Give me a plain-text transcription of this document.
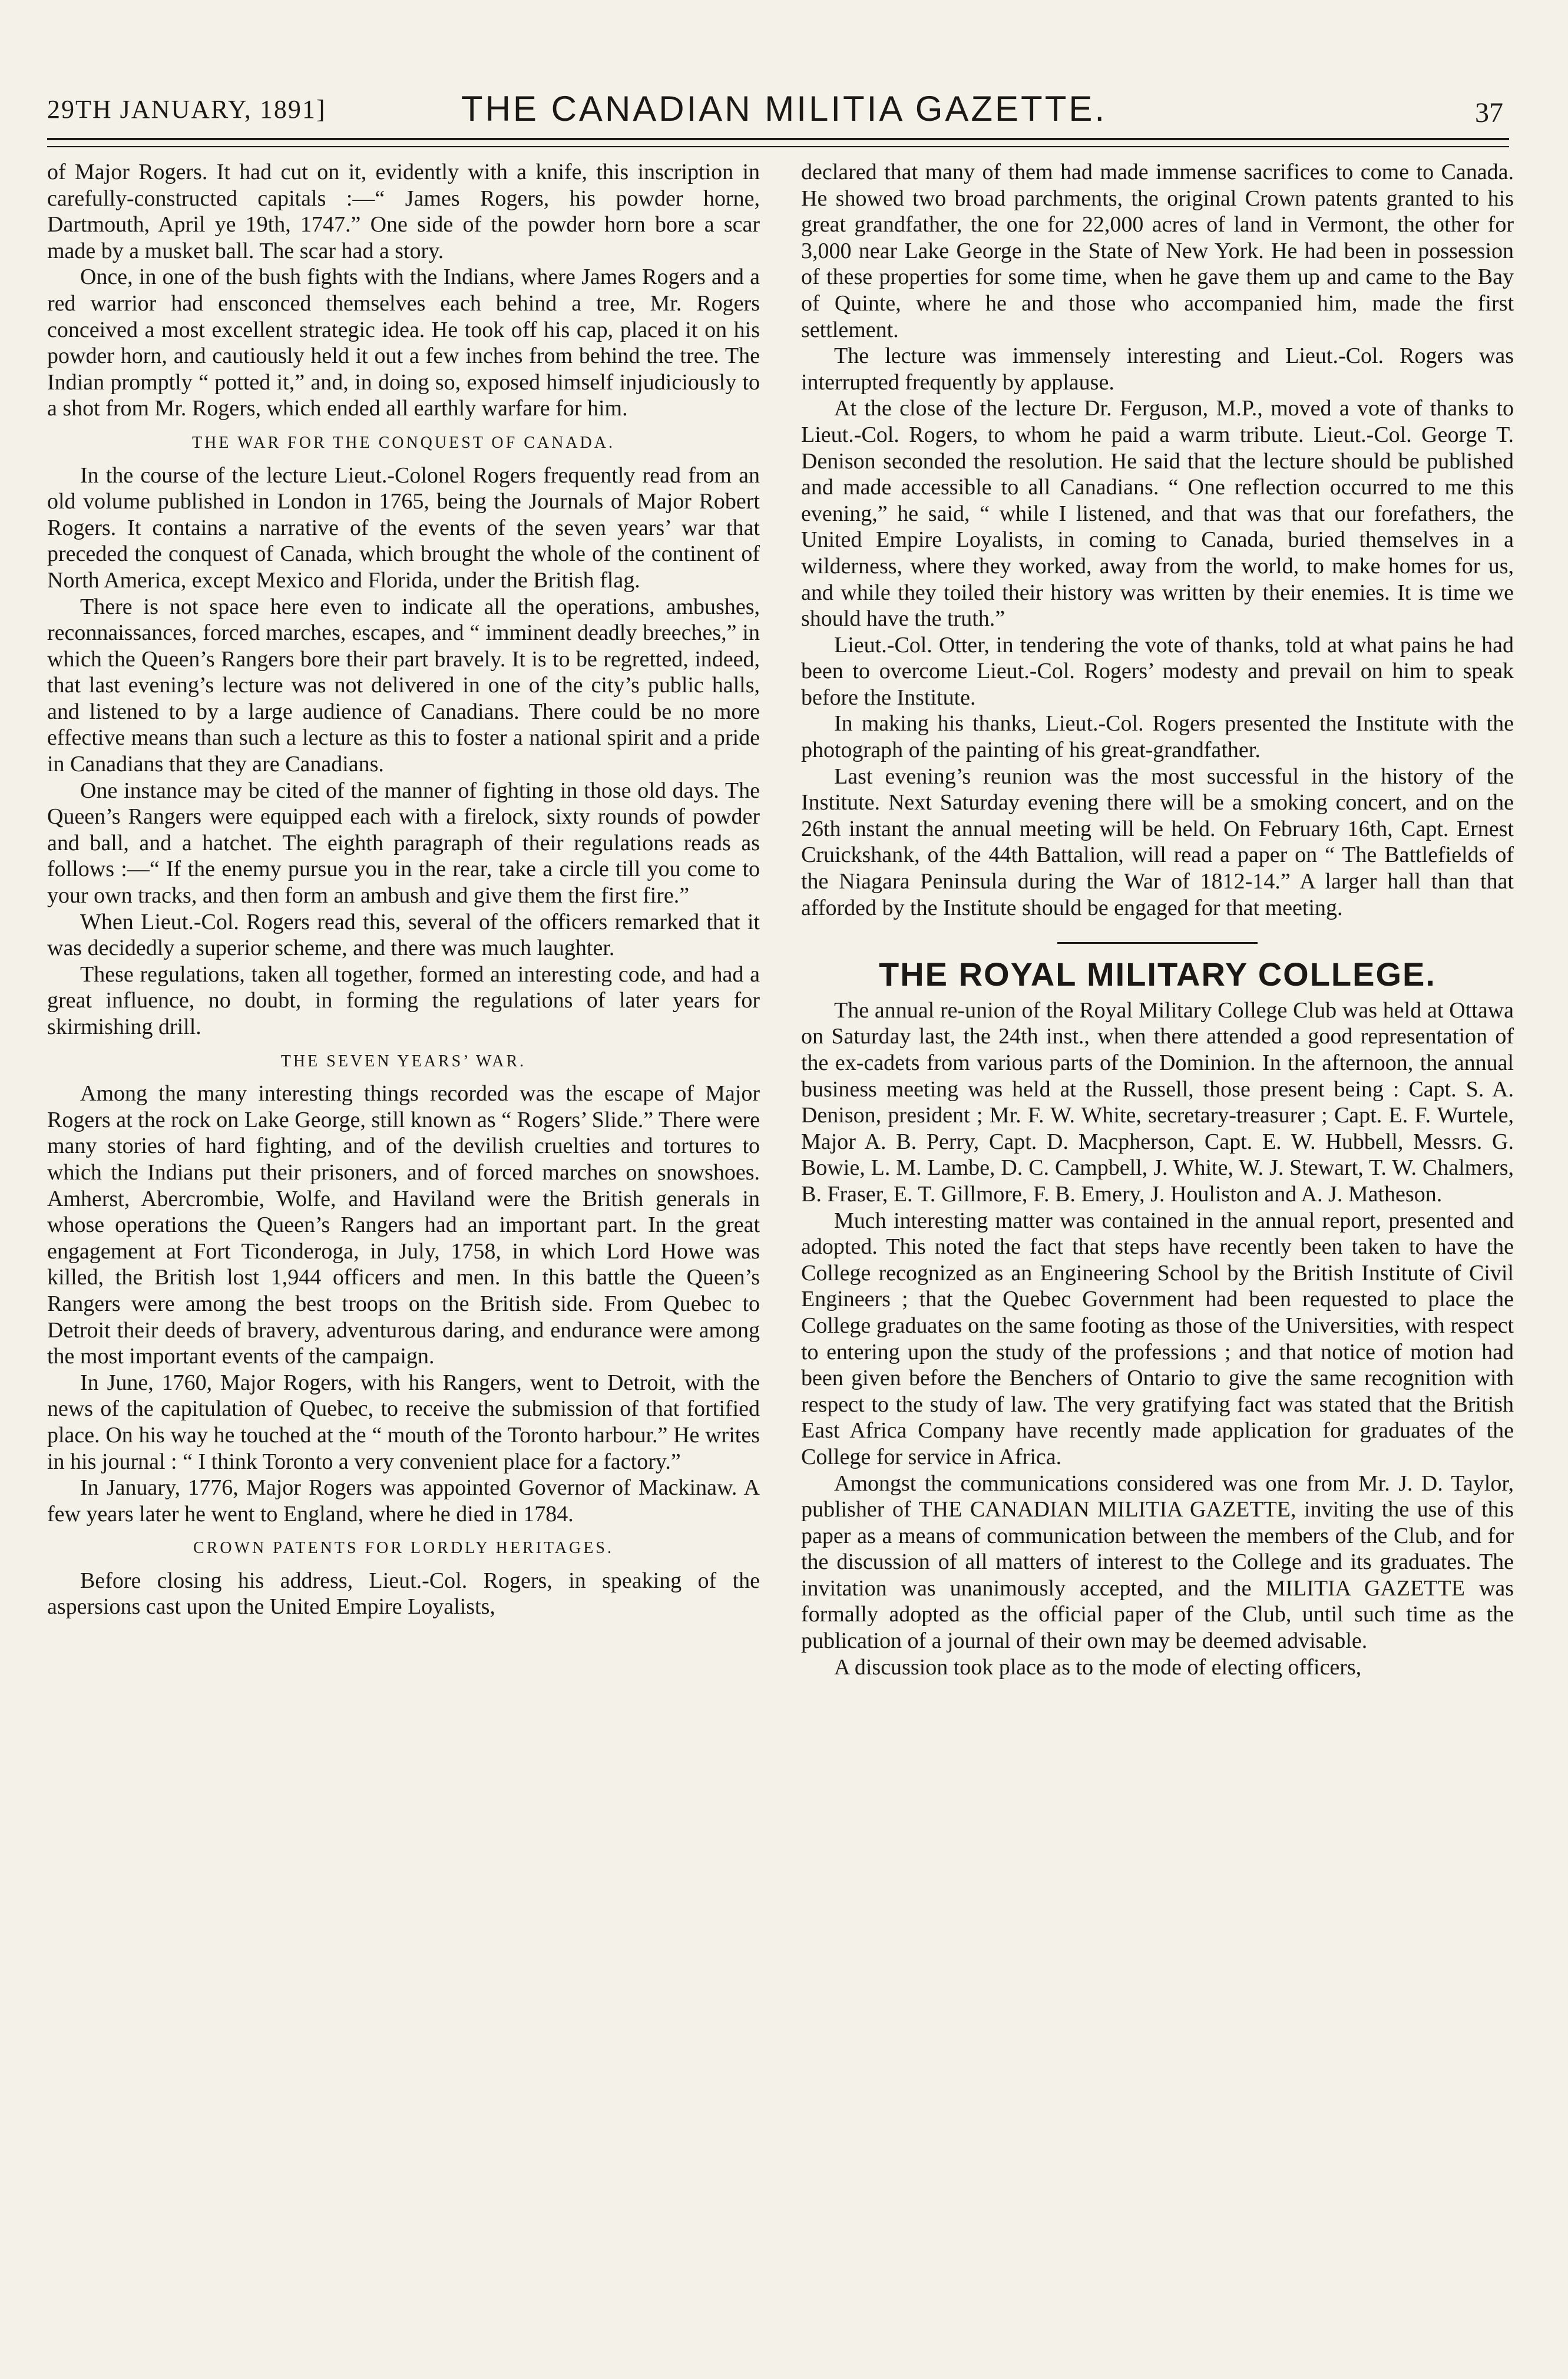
29TH JANUARY, 1891]	THE CANADIAN MILITIA GAZETTE.	37

of Major Rogers. It had cut on it, evidently with a knife, this inscription in carefully-constructed capitals :—“ James Rogers, his powder horne, Dartmouth, April ye 19th, 1747.” One side of the powder horn bore a scar made by a musket ball. The scar had a story.

Once, in one of the bush fights with the Indians, where James Rogers and a red warrior had ensconced themselves each behind a tree, Mr. Rogers conceived a most excellent strategic idea. He took off his cap, placed it on his powder horn, and cautiously held it out a few inches from behind the tree. The Indian promptly “ potted it,” and, in doing so, exposed himself injudiciously to a shot from Mr. Rogers, which ended all earthly warfare for him.

THE WAR FOR THE CONQUEST OF CANADA.

In the course of the lecture Lieut.-Colonel Rogers frequently read from an old volume published in London in 1765, being the Journals of Major Robert Rogers. It contains a narrative of the events of the seven years’ war that preceded the conquest of Canada, which brought the whole of the continent of North America, except Mexico and Florida, under the British flag.

There is not space here even to indicate all the operations, ambushes, reconnaissances, forced marches, escapes, and “ imminent deadly breeches,” in which the Queen’s Rangers bore their part bravely. It is to be regretted, indeed, that last evening’s lecture was not delivered in one of the city’s public halls, and listened to by a large audience of Canadians. There could be no more effective means than such a lecture as this to foster a national spirit and a pride in Canadians that they are Canadians.

One instance may be cited of the manner of fighting in those old days. The Queen’s Rangers were equipped each with a firelock, sixty rounds of powder and ball, and a hatchet. The eighth paragraph of their regulations reads as follows :—“ If the enemy pursue you in the rear, take a circle till you come to your own tracks, and then form an ambush and give them the first fire.”

When Lieut.-Col. Rogers read this, several of the officers remarked that it was decidedly a superior scheme, and there was much laughter.

These regulations, taken all together, formed an interesting code, and had a great influence, no doubt, in forming the regulations of later years for skirmishing drill.

THE SEVEN YEARS’ WAR.

Among the many interesting things recorded was the escape of Major Rogers at the rock on Lake George, still known as “ Rogers’ Slide.” There were many stories of hard fighting, and of the devilish cruelties and tortures to which the Indians put their prisoners, and of forced marches on snowshoes. Amherst, Abercrombie, Wolfe, and Haviland were the British generals in whose operations the Queen’s Rangers had an important part. In the great engagement at Fort Ticonderoga, in July, 1758, in which Lord Howe was killed, the British lost 1,944 officers and men. In this battle the Queen’s Rangers were among the best troops on the British side. From Quebec to Detroit their deeds of bravery, adventurous daring, and endurance were among the most important events of the campaign.

In June, 1760, Major Rogers, with his Rangers, went to Detroit, with the news of the capitulation of Quebec, to receive the submission of that fortified place. On his way he touched at the “ mouth of the Toronto harbour.” He writes in his journal : “ I think Toronto a very convenient place for a factory.”

In January, 1776, Major Rogers was appointed Governor of Mackinaw. A few years later he went to England, where he died in 1784.

CROWN PATENTS FOR LORDLY HERITAGES.

Before closing his address, Lieut.-Col. Rogers, in speaking of the aspersions cast upon the United Empire Loyalists,

declared that many of them had made immense sacrifices to come to Canada. He showed two broad parchments, the original Crown patents granted to his great grandfather, the one for 22,000 acres of land in Vermont, the other for 3,000 near Lake George in the State of New York. He had been in possession of these properties for some time, when he gave them up and came to the Bay of Quinte, where he and those who accompanied him, made the first settlement.

The lecture was immensely interesting and Lieut.-Col. Rogers was interrupted frequently by applause.

At the close of the lecture Dr. Ferguson, M.P., moved a vote of thanks to Lieut.-Col. Rogers, to whom he paid a warm tribute. Lieut.-Col. George T. Denison seconded the resolution. He said that the lecture should be published and made accessible to all Canadians. “ One reflection occurred to me this evening,” he said, “ while I listened, and that was that our forefathers, the United Empire Loyalists, in coming to Canada, buried themselves in a wilderness, where they worked, away from the world, to make homes for us, and while they toiled their history was written by their enemies. It is time we should have the truth.”

Lieut.-Col. Otter, in tendering the vote of thanks, told at what pains he had been to overcome Lieut.-Col. Rogers’ modesty and prevail on him to speak before the Institute.

In making his thanks, Lieut.-Col. Rogers presented the Institute with the photograph of the painting of his great-grandfather.

Last evening’s reunion was the most successful in the history of the Institute. Next Saturday evening there will be a smoking concert, and on the 26th instant the annual meeting will be held. On February 16th, Capt. Ernest Cruickshank, of the 44th Battalion, will read a paper on “ The Battlefields of the Niagara Peninsula during the War of 1812-14.” A larger hall than that afforded by the Institute should be engaged for that meeting.

THE ROYAL MILITARY COLLEGE.

The annual re-union of the Royal Military College Club was held at Ottawa on Saturday last, the 24th inst., when there attended a good representation of the ex-cadets from various parts of the Dominion. In the afternoon, the annual business meeting was held at the Russell, those present being : Capt. S. A. Denison, president ; Mr. F. W. White, secretary-treasurer ; Capt. E. F. Wurtele, Major A. B. Perry, Capt. D. Macpherson, Capt. E. W. Hubbell, Messrs. G. Bowie, L. M. Lambe, D. C. Campbell, J. White, W. J. Stewart, T. W. Chalmers, B. Fraser, E. T. Gillmore, F. B. Emery, J. Houliston and A. J. Matheson.

Much interesting matter was contained in the annual report, presented and adopted. This noted the fact that steps have recently been taken to have the College recognized as an Engineering School by the British Institute of Civil Engineers ; that the Quebec Government had been requested to place the College graduates on the same footing as those of the Universities, with respect to entering upon the study of the professions ; and that notice of motion had been given before the Benchers of Ontario to give the same recognition with respect to the study of law. The very gratifying fact was stated that the British East Africa Company have recently made application for graduates of the College for service in Africa.

Amongst the communications considered was one from Mr. J. D. Taylor, publisher of THE CANADIAN MILITIA GAZETTE, inviting the use of this paper as a means of communication between the members of the Club, and for the discussion of all matters of interest to the College and its graduates. The invitation was unanimously accepted, and the MILITIA GAZETTE was formally adopted as the official paper of the Club, until such time as the publication of a journal of their own may be deemed advisable.

A discussion took place as to the mode of electing officers,
